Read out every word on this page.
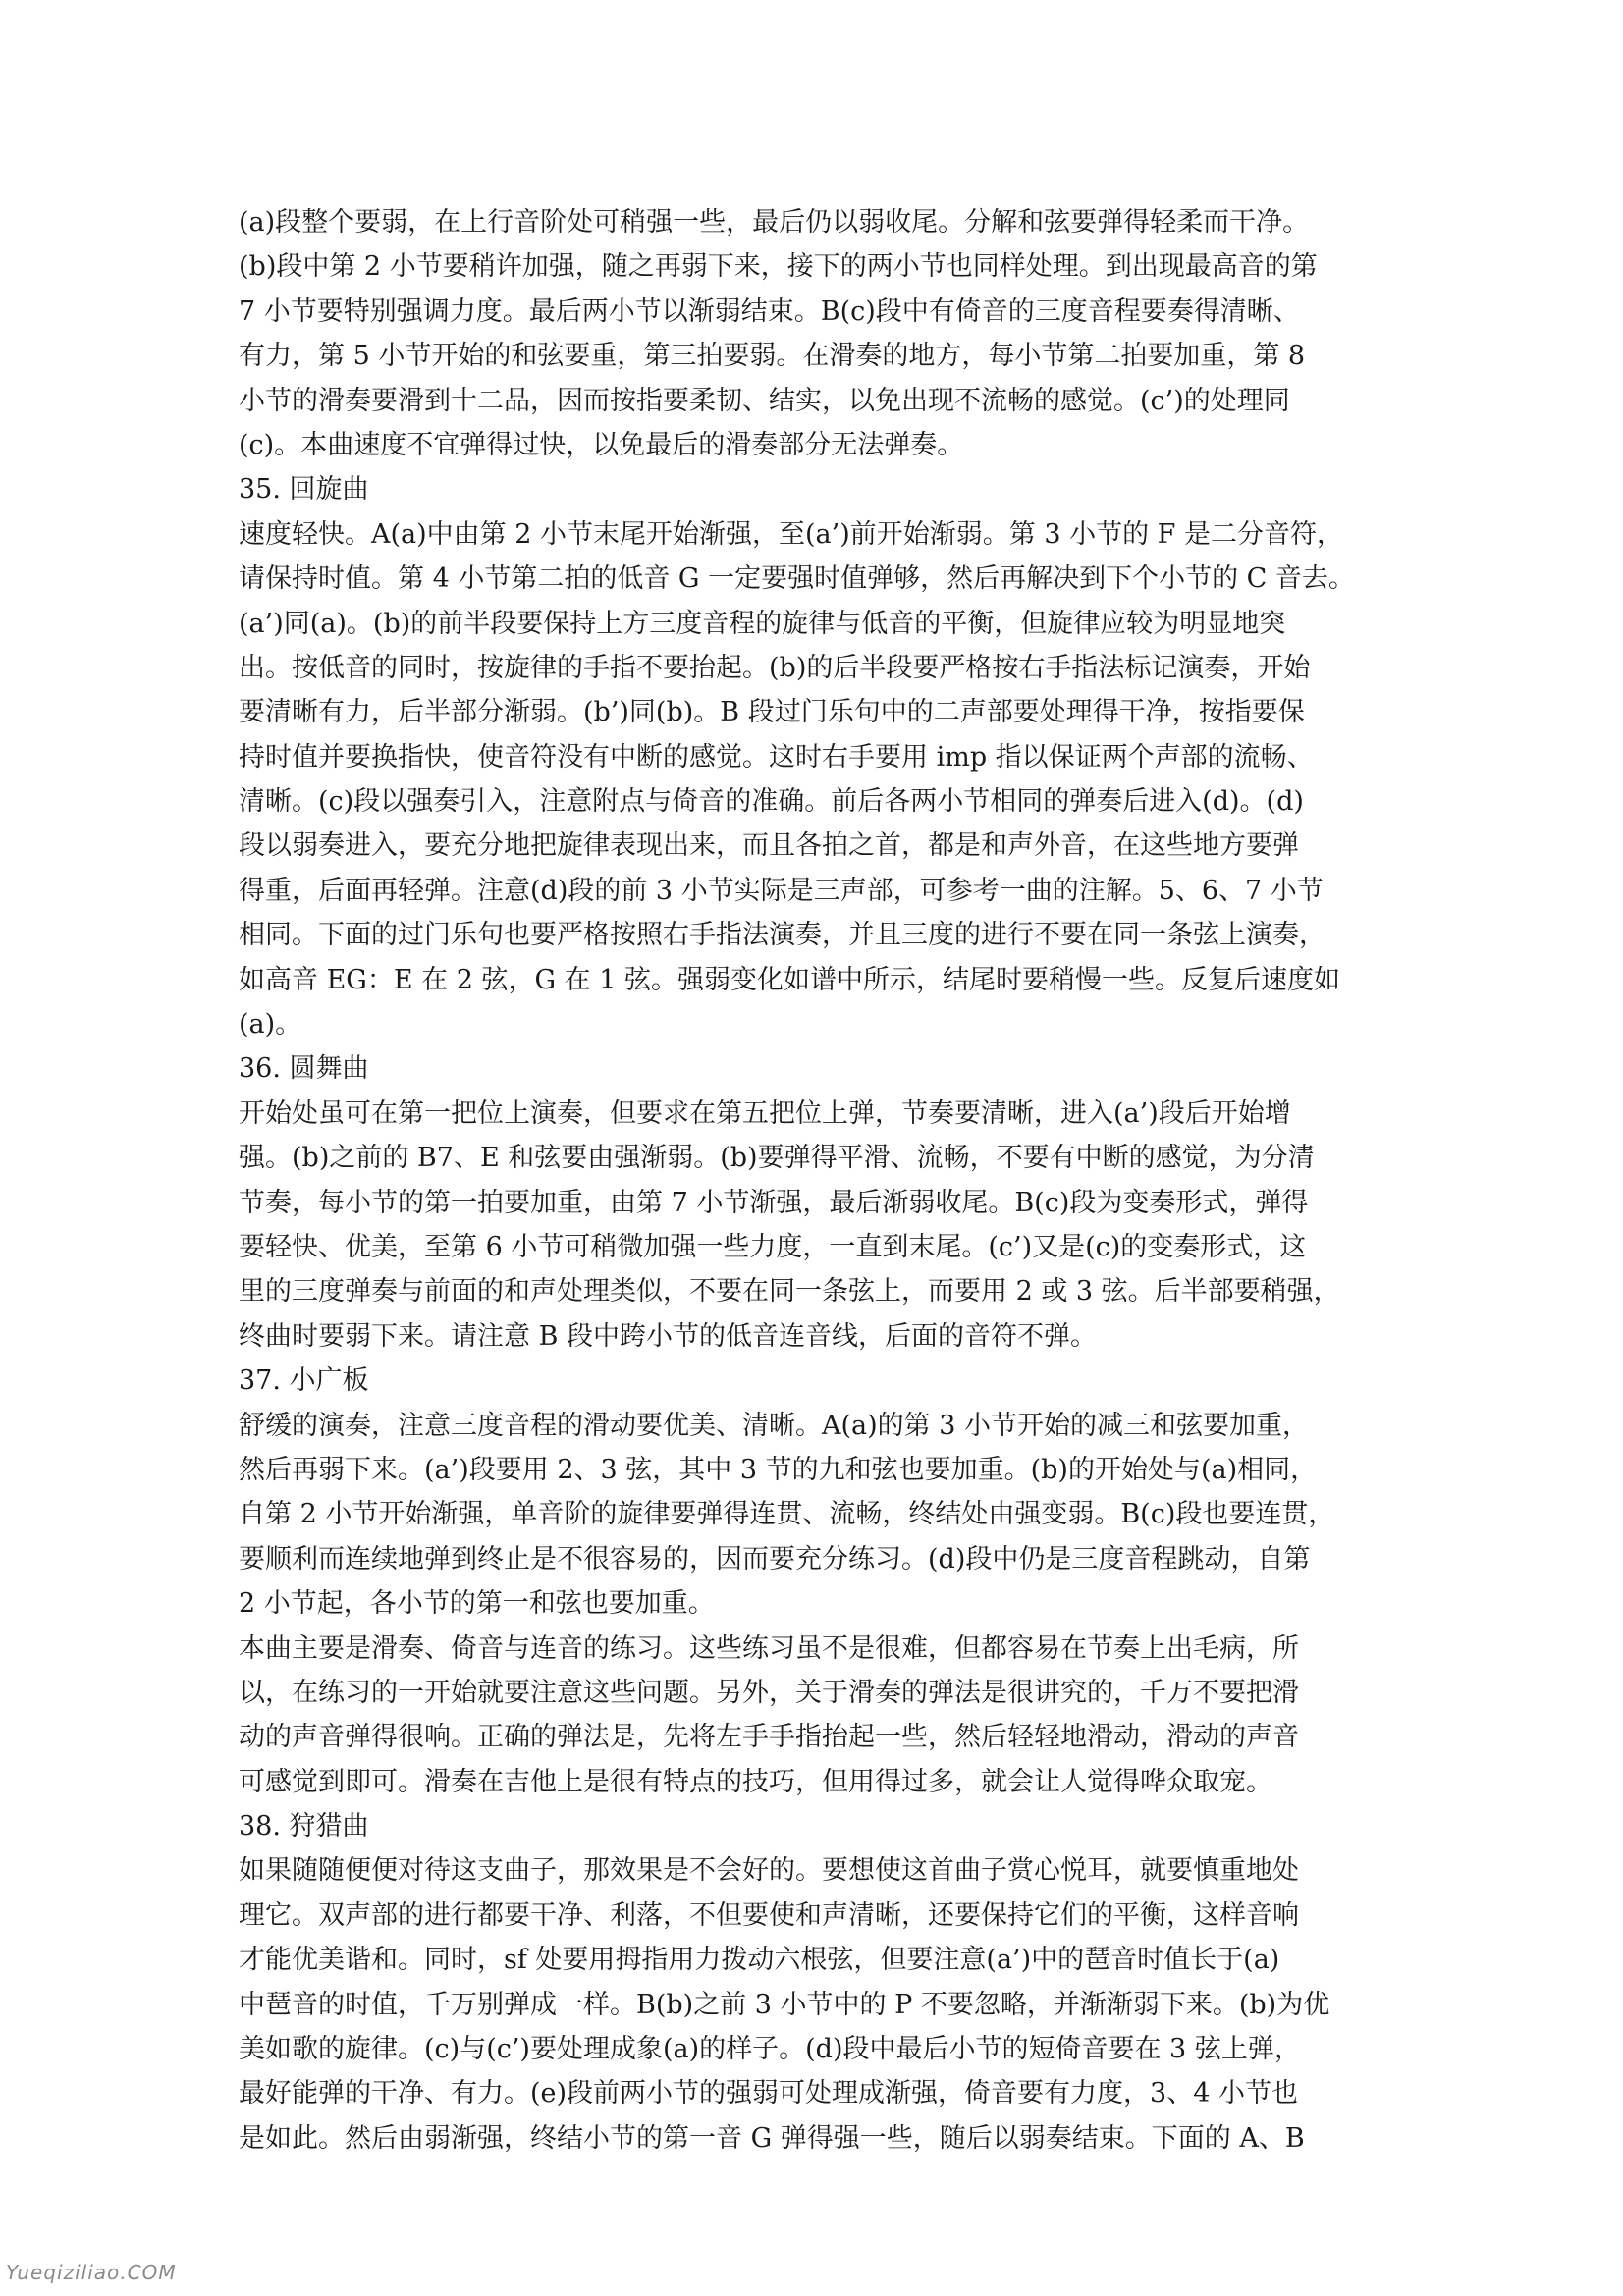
(a)段整个要弱，在上行音阶处可稍强一些，最后仍以弱收尾。分解和弦要弹得轻柔而干净。
(b)段中第 2 小节要稍许加强，随之再弱下来，接下的两小节也同样处理。到出现最高音的第
7 小节要特别强调力度。最后两小节以渐弱结束。B(c)段中有倚音的三度音程要奏得清晰、
有力，第 5 小节开始的和弦要重，第三拍要弱。在滑奏的地方，每小节第二拍要加重，第 8
小节的滑奏要滑到十二品，因而按指要柔韧、结实，以免出现不流畅的感觉。(c’)的处理同
(c)。本曲速度不宜弹得过快，以免最后的滑奏部分无法弹奏。
35. 回旋曲
速度轻快。A(a)中由第 2 小节末尾开始渐强，至(a’)前开始渐弱。第 3 小节的 F 是二分音符，
请保持时值。第 4 小节第二拍的低音 G 一定要强时值弹够，然后再解决到下个小节的 C 音去。
(a’)同(a)。(b)的前半段要保持上方三度音程的旋律与低音的平衡，但旋律应较为明显地突
出。按低音的同时，按旋律的手指不要抬起。(b)的后半段要严格按右手指法标记演奏，开始
要清晰有力，后半部分渐弱。(b’)同(b)。B 段过门乐句中的二声部要处理得干净，按指要保
持时值并要换指快，使音符没有中断的感觉。这时右手要用 imp 指以保证两个声部的流畅、
清晰。(c)段以强奏引入，注意附点与倚音的准确。前后各两小节相同的弹奏后进入(d)。(d)
段以弱奏进入，要充分地把旋律表现出来，而且各拍之首，都是和声外音，在这些地方要弹
得重，后面再轻弹。注意(d)段的前 3 小节实际是三声部，可参考一曲的注解。5、6、7 小节
相同。下面的过门乐句也要严格按照右手指法演奏，并且三度的进行不要在同一条弦上演奏，
如高音 EG：E 在 2 弦，G 在 1 弦。强弱变化如谱中所示，结尾时要稍慢一些。反复后速度如
(a)。
36. 圆舞曲
开始处虽可在第一把位上演奏，但要求在第五把位上弹，节奏要清晰，进入(a’)段后开始增
强。(b)之前的 B7、E 和弦要由强渐弱。(b)要弹得平滑、流畅，不要有中断的感觉，为分清
节奏，每小节的第一拍要加重，由第 7 小节渐强，最后渐弱收尾。B(c)段为变奏形式，弹得
要轻快、优美，至第 6 小节可稍微加强一些力度，一直到末尾。(c’)又是(c)的变奏形式，这
里的三度弹奏与前面的和声处理类似，不要在同一条弦上，而要用 2 或 3 弦。后半部要稍强，
终曲时要弱下来。请注意 B 段中跨小节的低音连音线，后面的音符不弹。
37. 小广板
舒缓的演奏，注意三度音程的滑动要优美、清晰。A(a)的第 3 小节开始的减三和弦要加重，
然后再弱下来。(a’)段要用 2、3 弦，其中 3 节的九和弦也要加重。(b)的开始处与(a)相同，
自第 2 小节开始渐强，单音阶的旋律要弹得连贯、流畅，终结处由强变弱。B(c)段也要连贯，
要顺利而连续地弹到终止是不很容易的，因而要充分练习。(d)段中仍是三度音程跳动，自第
2 小节起，各小节的第一和弦也要加重。
本曲主要是滑奏、倚音与连音的练习。这些练习虽不是很难，但都容易在节奏上出毛病，所
以，在练习的一开始就要注意这些问题。另外，关于滑奏的弹法是很讲究的，千万不要把滑
动的声音弹得很响。正确的弹法是，先将左手手指抬起一些，然后轻轻地滑动，滑动的声音
可感觉到即可。滑奏在吉他上是很有特点的技巧，但用得过多，就会让人觉得哗众取宠。
38. 狩猎曲
如果随随便便对待这支曲子，那效果是不会好的。要想使这首曲子赏心悦耳，就要慎重地处
理它。双声部的进行都要干净、利落，不但要使和声清晰，还要保持它们的平衡，这样音响
才能优美谐和。同时，sf 处要用拇指用力拨动六根弦，但要注意(a’)中的琶音时值长于(a)
中琶音的时值，千万别弹成一样。B(b)之前 3 小节中的 P 不要忽略，并渐渐弱下来。(b)为优
美如歌的旋律。(c)与(c’)要处理成象(a)的样子。(d)段中最后小节的短倚音要在 3 弦上弹，
最好能弹的干净、有力。(e)段前两小节的强弱可处理成渐强，倚音要有力度，3、4 小节也
是如此。然后由弱渐强，终结小节的第一音 G 弹得强一些，随后以弱奏结束。下面的 A、B
Yueqiziliao.COM
